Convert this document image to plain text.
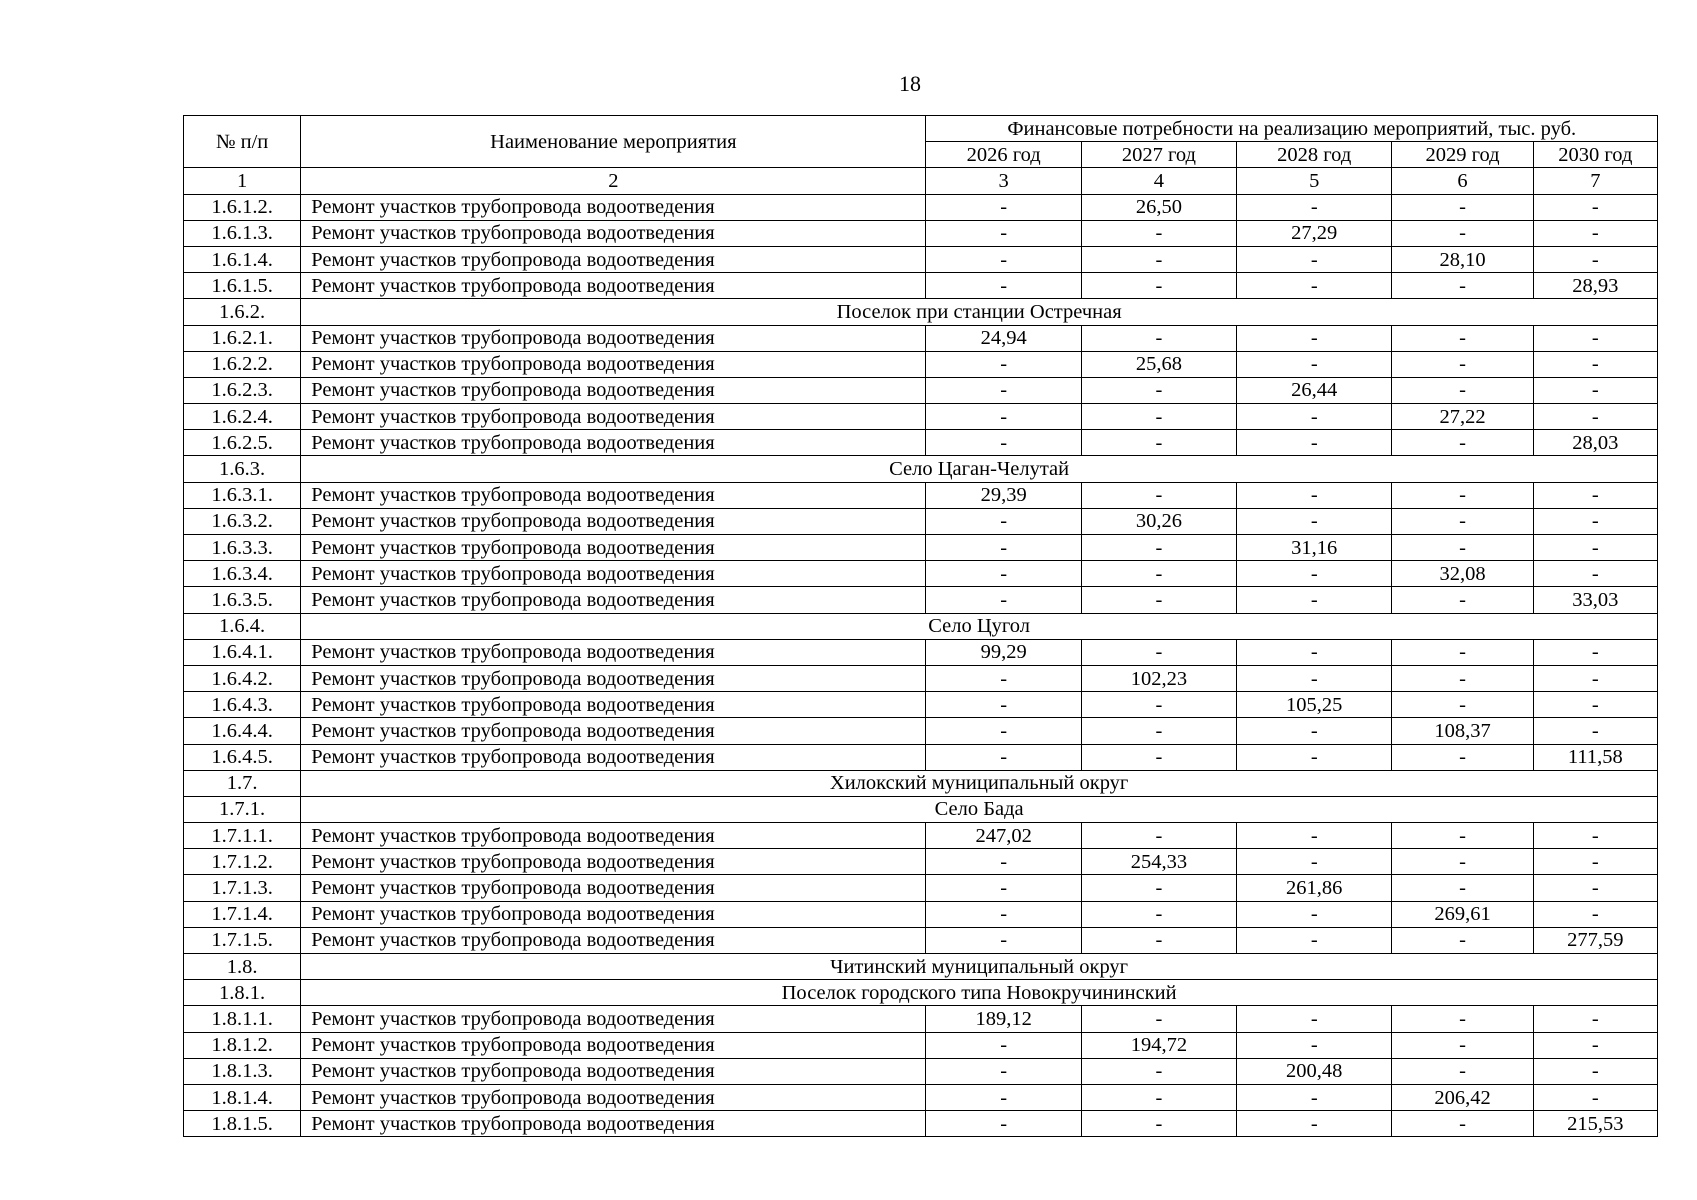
18
№ п/п	Наименование мероприятия	Финансовые потребности на реализацию мероприятий, тыс. руб.				
		2026 год	2027 год	2028 год	2029 год	2030 год
1	2	3	4	5	6	7
1.6.1.2.	Ремонт участков трубопровода водоотведения	-	26,50	-	-	-
1.6.1.3.	Ремонт участков трубопровода водоотведения	-	-	27,29	-	-
1.6.1.4.	Ремонт участков трубопровода водоотведения	-	-	-	28,10	-
1.6.1.5.	Ремонт участков трубопровода водоотведения	-	-	-	-	28,93
1.6.2.	Поселок при станции Остречная					
1.6.2.1.	Ремонт участков трубопровода водоотведения	24,94	-	-	-	-
1.6.2.2.	Ремонт участков трубопровода водоотведения	-	25,68	-	-	-
1.6.2.3.	Ремонт участков трубопровода водоотведения	-	-	26,44	-	-
1.6.2.4.	Ремонт участков трубопровода водоотведения	-	-	-	27,22	-
1.6.2.5.	Ремонт участков трубопровода водоотведения	-	-	-	-	28,03
1.6.3.	Село Цаган-Челутай					
1.6.3.1.	Ремонт участков трубопровода водоотведения	29,39	-	-	-	-
1.6.3.2.	Ремонт участков трубопровода водоотведения	-	30,26	-	-	-
1.6.3.3.	Ремонт участков трубопровода водоотведения	-	-	31,16	-	-
1.6.3.4.	Ремонт участков трубопровода водоотведения	-	-	-	32,08	-
1.6.3.5.	Ремонт участков трубопровода водоотведения	-	-	-	-	33,03
1.6.4.	Село Цугол					
1.6.4.1.	Ремонт участков трубопровода водоотведения	99,29	-	-	-	-
1.6.4.2.	Ремонт участков трубопровода водоотведения	-	102,23	-	-	-
1.6.4.3.	Ремонт участков трубопровода водоотведения	-	-	105,25	-	-
1.6.4.4.	Ремонт участков трубопровода водоотведения	-	-	-	108,37	-
1.6.4.5.	Ремонт участков трубопровода водоотведения	-	-	-	-	111,58
1.7.	Хилокский муниципальный округ					
1.7.1.	Село Бада					
1.7.1.1.	Ремонт участков трубопровода водоотведения	247,02	-	-	-	-
1.7.1.2.	Ремонт участков трубопровода водоотведения	-	254,33	-	-	-
1.7.1.3.	Ремонт участков трубопровода водоотведения	-	-	261,86	-	-
1.7.1.4.	Ремонт участков трубопровода водоотведения	-	-	-	269,61	-
1.7.1.5.	Ремонт участков трубопровода водоотведения	-	-	-	-	277,59
1.8.	Читинский муниципальный округ					
1.8.1.	Поселок городского типа Новокручининский					
1.8.1.1.	Ремонт участков трубопровода водоотведения	189,12	-	-	-	-
1.8.1.2.	Ремонт участков трубопровода водоотведения	-	194,72	-	-	-
1.8.1.3.	Ремонт участков трубопровода водоотведения	-	-	200,48	-	-
1.8.1.4.	Ремонт участков трубопровода водоотведения	-	-	-	206,42	-
1.8.1.5.	Ремонт участков трубопровода водоотведения	-	-	-	-	215,53
